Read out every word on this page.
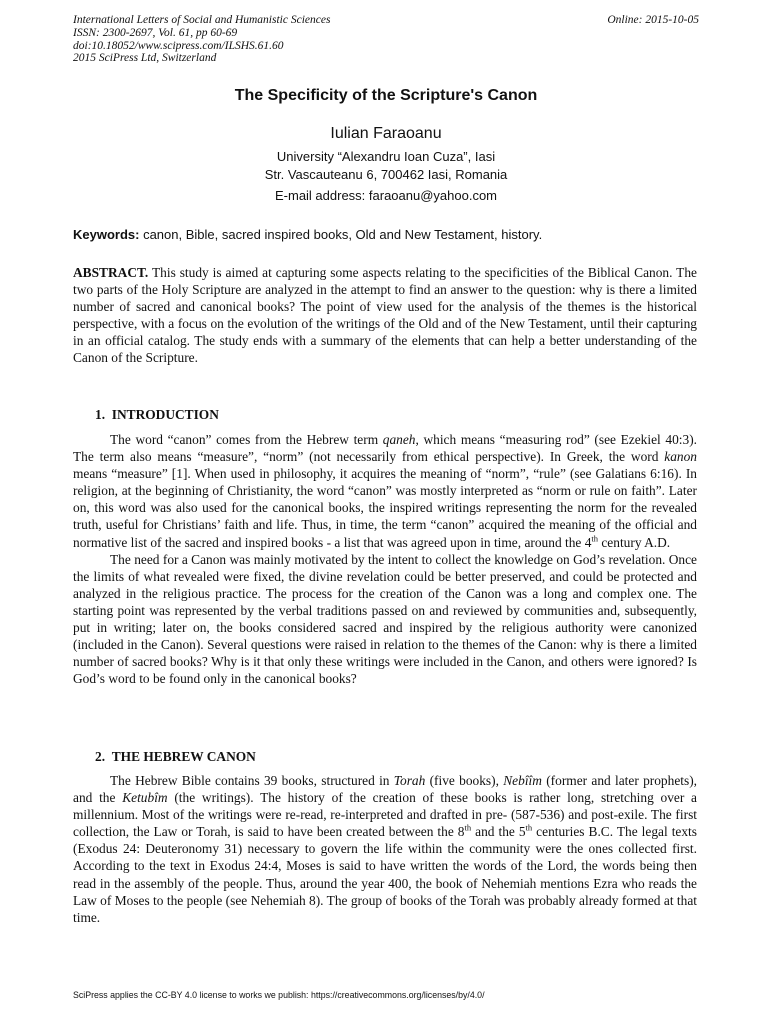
International Letters of Social and Humanistic Sciences
ISSN: 2300-2697, Vol. 61, pp 60-69
doi:10.18052/www.scipress.com/ILSHS.61.60
2015 SciPress Ltd, Switzerland
Online: 2015-10-05
The Specificity of the Scripture's Canon
Iulian Faraoanu
University “Alexandru Ioan Cuza”, Iasi
Str. Vascauteanu 6, 700462 Iasi, Romania
E-mail address: faraoanu@yahoo.com
Keywords: canon, Bible, sacred inspired books, Old and New Testament, history.
ABSTRACT. This study is aimed at capturing some aspects relating to the specificities of the Biblical Canon. The two parts of the Holy Scripture are analyzed in the attempt to find an answer to the question: why is there a limited number of sacred and canonical books? The point of view used for the analysis of the themes is the historical perspective, with a focus on the evolution of the writings of the Old and of the New Testament, until their capturing in an official catalog. The study ends with a summary of the elements that can help a better understanding of the Canon of the Scripture.
1. INTRODUCTION

The word “canon” comes from the Hebrew term qaneh, which means “measuring rod” (see Ezekiel 40:3). The term also means “measure”, “norm” (not necessarily from ethical perspective). In Greek, the word kanon means “measure” [1]. When used in philosophy, it acquires the meaning of “norm”, “rule” (see Galatians 6:16). In religion, at the beginning of Christianity, the word “canon” was mostly interpreted as “norm or rule on faith”. Later on, this word was also used for the canonical books, the inspired writings representing the norm for the revealed truth, useful for Christians’ faith and life. Thus, in time, the term “canon” acquired the meaning of the official and normative list of the sacred and inspired books - a list that was agreed upon in time, around the 4th century A.D.

The need for a Canon was mainly motivated by the intent to collect the knowledge on God’s revelation. Once the limits of what revealed were fixed, the divine revelation could be better preserved, and could be protected and analyzed in the religious practice. The process for the creation of the Canon was a long and complex one. The starting point was represented by the verbal traditions passed on and reviewed by communities and, subsequently, put in writing; later on, the books considered sacred and inspired by the religious authority were canonized (included in the Canon). Several questions were raised in relation to the themes of the Canon: why is there a limited number of sacred books? Why is it that only these writings were included in the Canon, and others were ignored? Is God’s word to be found only in the canonical books?

2. THE HEBREW CANON

The Hebrew Bible contains 39 books, structured in Torah (five books), Nebîîm (former and later prophets), and the Ketubîm (the writings). The history of the creation of these books is rather long, stretching over a millennium. Most of the writings were re-read, re-interpreted and drafted in pre- (587-536) and post-exile. The first collection, the Law or Torah, is said to have been created between the 8th and the 5th centuries B.C. The legal texts (Exodus 24: Deuteronomy 31) necessary to govern the life within the community were the ones collected first. According to the text in Exodus 24:4, Moses is said to have written the words of the Lord, the words being then read in the assembly of the people. Thus, around the year 400, the book of Nehemiah mentions Ezra who reads the Law of Moses to the people (see Nehemiah 8). The group of books of the Torah was probably already formed at that time.

SciPress applies the CC-BY 4.0 license to works we publish: https://creativecommons.org/licenses/by/4.0/
